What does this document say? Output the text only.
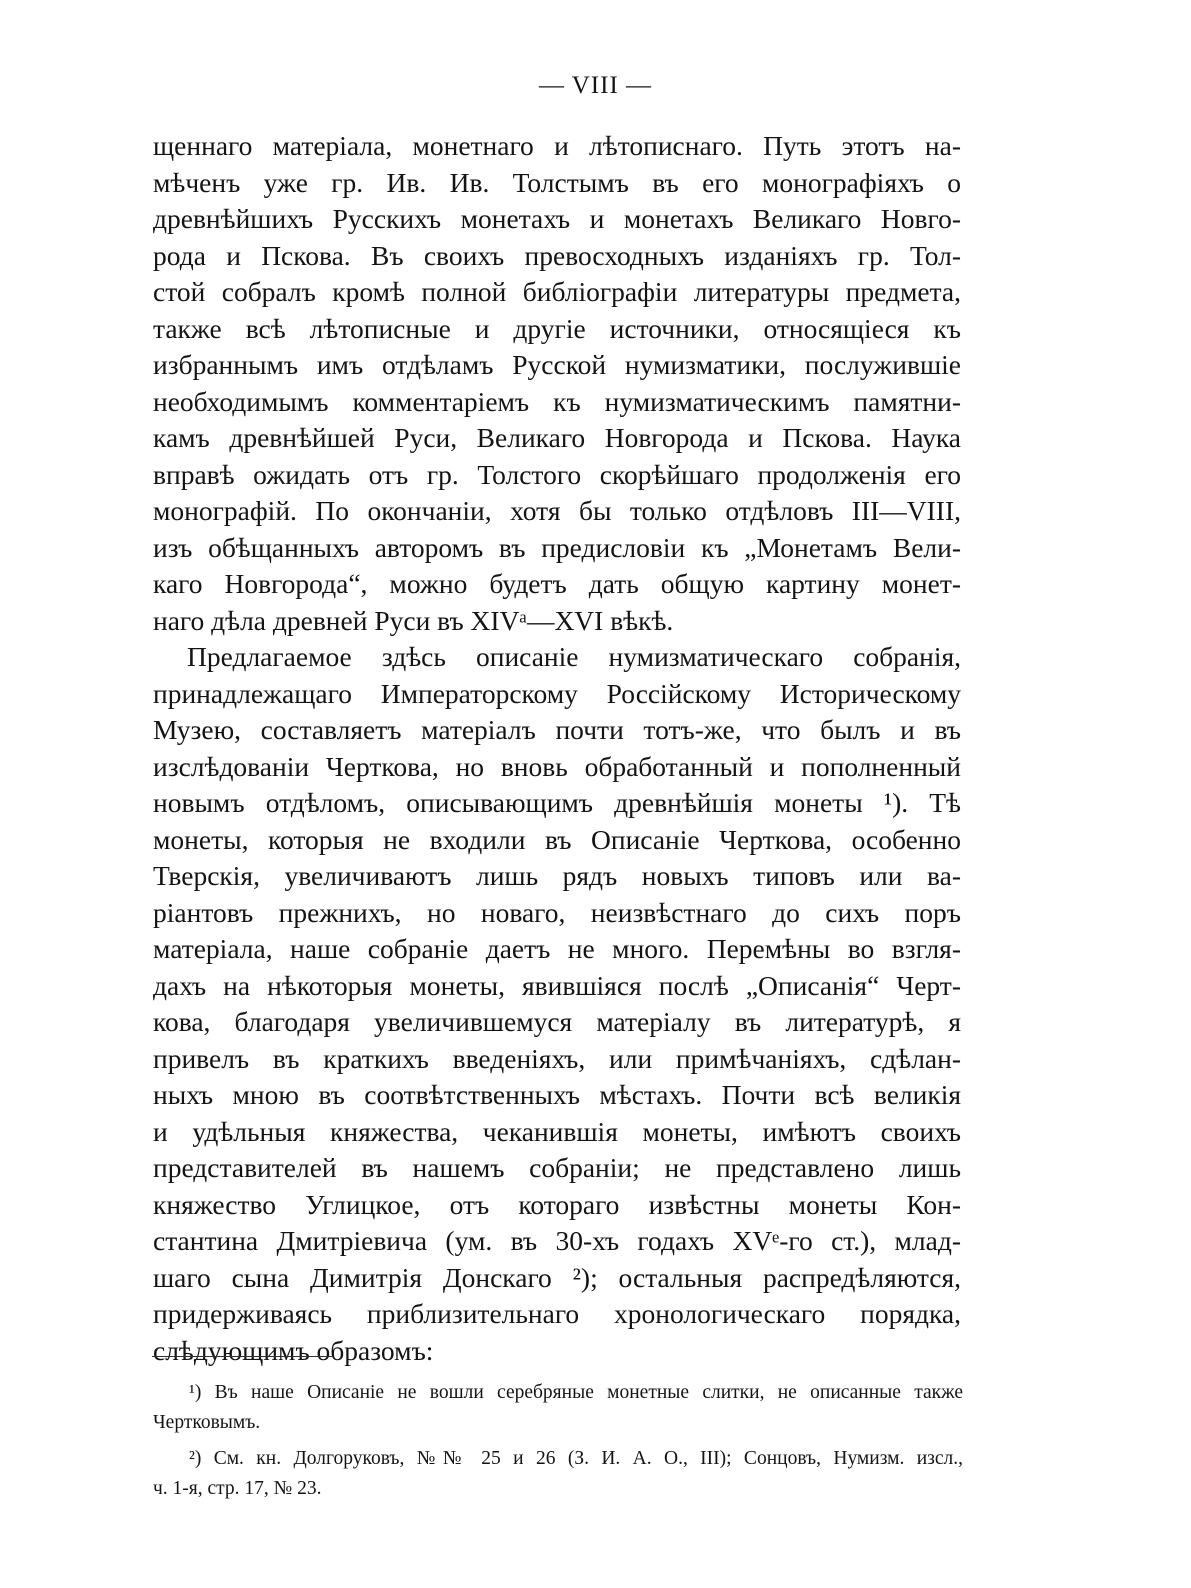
— VIII —
щеннаго матеріала, монетнаго и лѣтописнаго. Путь этотъ на-
мѣченъ уже гр. Ив. Ив. Толстымъ въ его монографіяхъ о
древнѣйшихъ Русскихъ монетахъ и монетахъ Великаго Новго-
рода и Пскова. Въ своихъ превосходныхъ изданіяхъ гр. Тол-
стой собралъ кромѣ полной библіографіи литературы предмета,
также всѣ лѣтописные и другіе источники, относящіеся къ
избраннымъ имъ отдѣламъ Русской нумизматики, послужившіе
необходимымъ комментаріемъ къ нумизматическимъ памятни-
камъ древнѣйшей Руси, Великаго Новгорода и Пскова. Наука
вправѣ ожидать отъ гр. Толстого скорѣйшаго продолженія его
монографій. По окончаніи, хотя бы только отдѣловъ III—VIII,
изъ обѣщанныхъ авторомъ въ предисловіи къ „Монетамъ Вели-
каго Новгорода“, можно будетъ дать общую картину монет-
наго дѣла древней Руси въ XIVᵃ—XVI вѣкѣ.
Предлагаемое здѣсь описаніе нумизматическаго собранія,
принадлежащаго Императорскому Россійскому Историческому
Музею, составляетъ матеріалъ почти тотъ-же, что былъ и въ
изслѣдованіи Черткова, но вновь обработанный и пополненный
новымъ отдѣломъ, описывающимъ древнѣйшія монеты ¹). Тѣ
монеты, которыя не входили въ Описаніе Черткова, особенно
Тверскія, увеличиваютъ лишь рядъ новыхъ типовъ или ва-
ріантовъ прежнихъ, но новаго, неизвѣстнаго до сихъ поръ
матеріала, наше собраніе даетъ не много. Перемѣны во взгля-
дахъ на нѣкоторыя монеты, явившіяся послѣ „Описанія“ Черт-
кова, благодаря увеличившемуся матеріалу въ литературѣ, я
привелъ въ краткихъ введеніяхъ, или примѣчаніяхъ, сдѣлан-
ныхъ мною въ соотвѣтственныхъ мѣстахъ. Почти всѣ великія
и удѣльныя княжества, чеканившія монеты, имѣютъ своихъ
представителей въ нашемъ собраніи; не представлено лишь
княжество Углицкое, отъ котораго извѣстны монеты Кон-
стантина Дмитріевича (ум. въ 30-хъ годахъ XVᵉ-го ст.), млад-
шаго сына Димитрія Донскаго ²); остальныя распредѣляются,
придерживаясь приблизительнаго хронологическаго порядка,
слѣдующимъ образомъ:
¹) Въ наше Описаніе не вошли серебряные монетные слитки, не описанные также
Чертковымъ.
²) См. кн. Долгоруковъ, №№ 25 и 26 (З. И. А. О., III); Сонцовъ, Нумизм. изсл.,
ч. 1-я, стр. 17, № 23.
